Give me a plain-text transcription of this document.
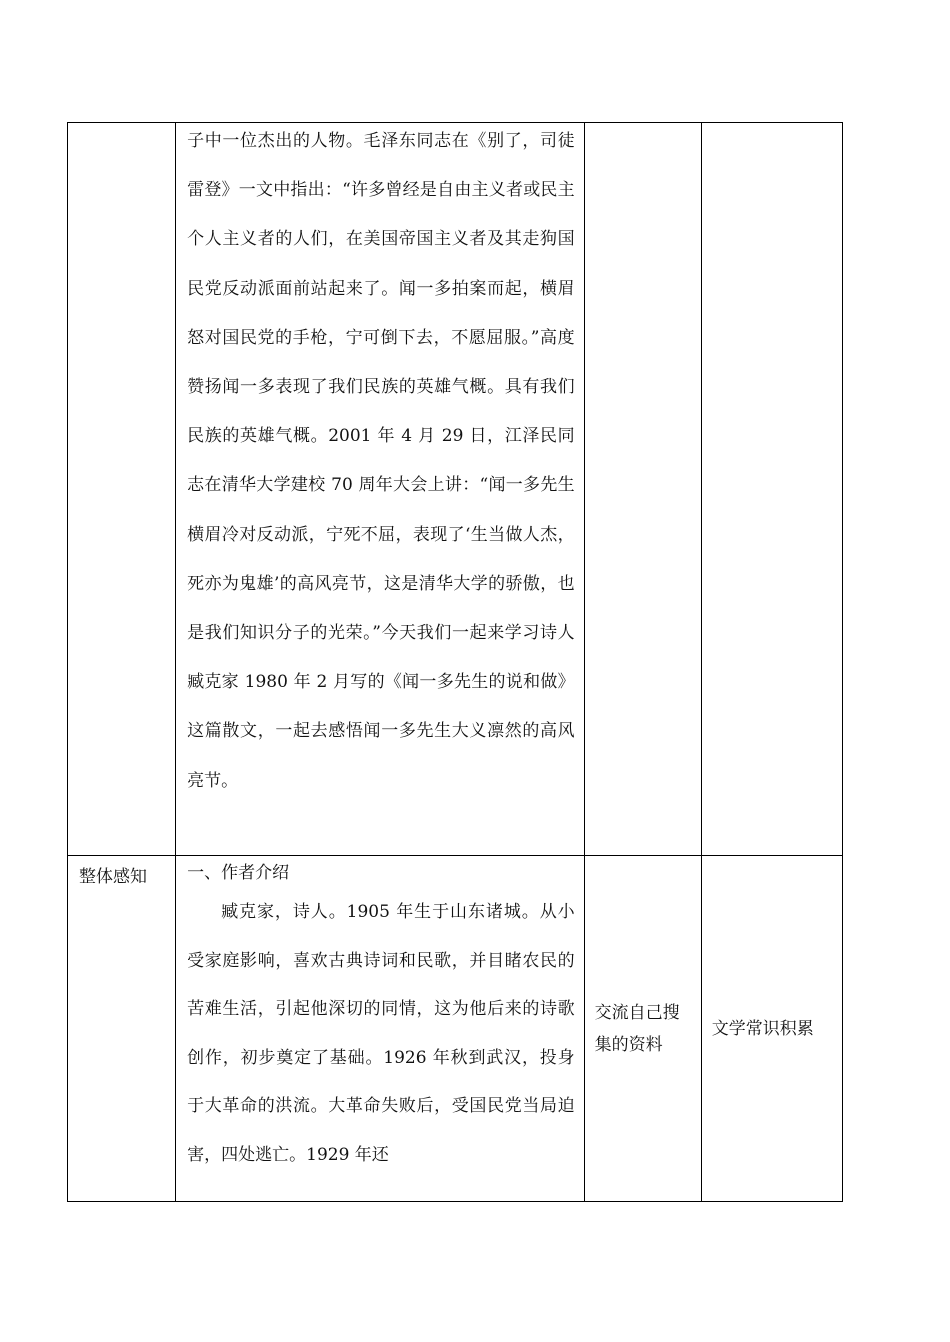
	子中一位杰出的人物。毛泽东同志在《别了，司徒雷登》一文中指出：“许多曾经是自由主义者或民主个人主义者的人们，在美国帝国主义者及其走狗国民党反动派面前站起来了。闻一多拍案而起，横眉怒对国民党的手枪，宁可倒下去，不愿屈服。”高度赞扬闻一多表现了我们民族的英雄气概。具有我们民族的英雄气概。2001 年 4 月 29 日，江泽民同志在清华大学建校 70 周年大会上讲：“闻一多先生横眉冷对反动派，宁死不屈，表现了‘生当做人杰，死亦为鬼雄’的高风亮节，这是清华大学的骄傲，也是我们知识分子的光荣。”今天我们一起来学习诗人臧克家 1980 年 2 月写的《闻一多先生的说和做》这篇散文，一起去感悟闻一多先生大义凛然的高风亮节。		

整体感知	一、作者介绍
臧克家，诗人。1905 年生于山东诸城。从小受家庭影响，喜欢古典诗词和民歌，并目睹农民的苦难生活，引起他深切的同情，这为他后来的诗歌创作，初步奠定了基础。1926 年秋到武汉，投身于大革命的洪流。大革命失败后，受国民党当局迫害，四处逃亡。1929 年还	交流自己搜集的资料	文学常识积累
